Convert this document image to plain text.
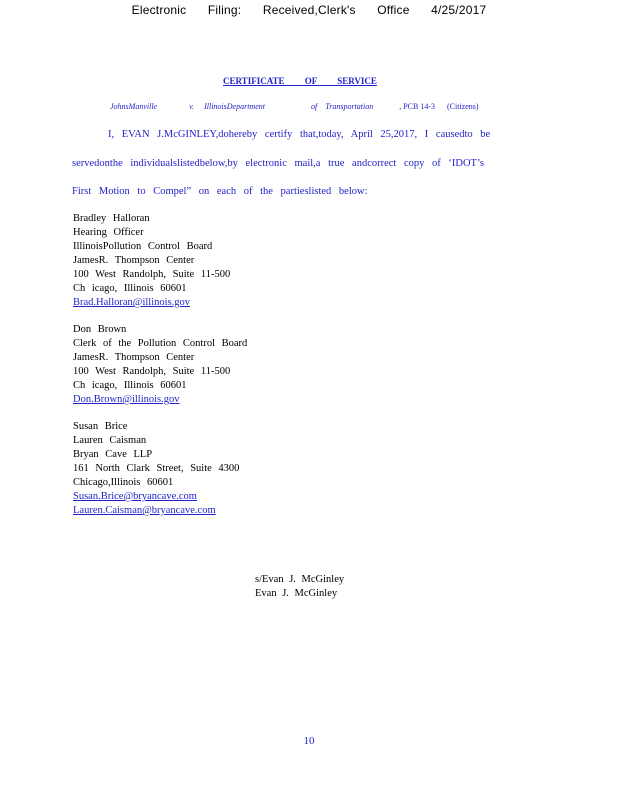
Electronic Filing: Received,Clerk's Office 4/25/2017
CERTIFICATE OF SERVICE
JohnsManville	v. IllinoisDepartment	of Transportation	, PCB 14-3 (Citizens)
I, EVAN J.McGINLEY,dohereby certify that,today, April 25,2017, I causedto be
servedonthe individualslistedbelow,by electronic mail,a true andcorrect copy of ‘IDOT’s
First Motion to Compel” on each of the partieslisted below:
Bradley Halloran
Hearing Officer
IllinoisPollution Control Board
JamesR. Thompson Center
100 West Randolph, Suite 11-500
Ch icago, Illinois 60601
Brad.Halloran@illinois.gov
Don Brown
Clerk of the Pollution Control Board
JamesR. Thompson Center
100 West Randolph, Suite 11-500
Ch icago, Illinois 60601
Don.Brown@illinois.gov
Susan Brice
Lauren Caisman
Bryan Cave LLP
161 North Clark Street, Suite 4300
Chicago,Illinois 60601
Susan.Brice@bryancave.com
Lauren.Caisman@bryancave.com
s/Evan J. McGinley
Evan J. McGinley
10
